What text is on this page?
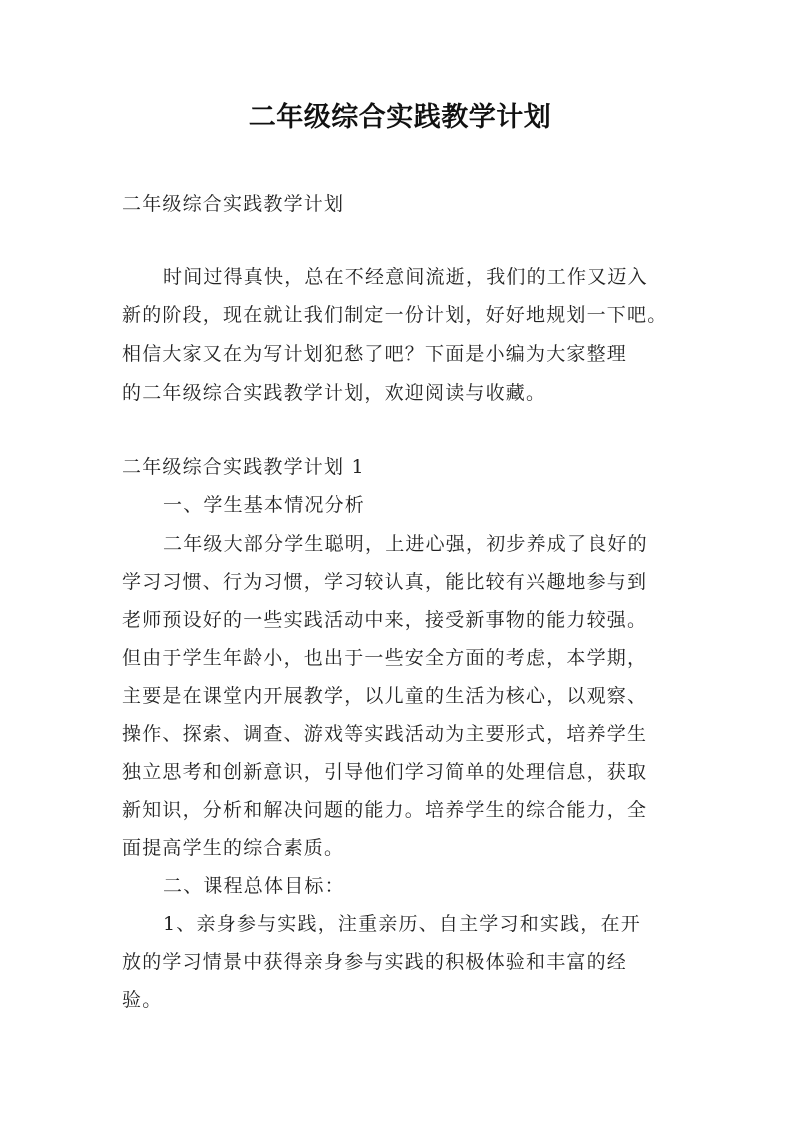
二年级综合实践教学计划
二年级综合实践教学计划
时间过得真快，总在不经意间流逝，我们的工作又迈入
新的阶段，现在就让我们制定一份计划，好好地规划一下吧。
相信大家又在为写计划犯愁了吧？下面是小编为大家整理
的二年级综合实践教学计划，欢迎阅读与收藏。
二年级综合实践教学计划 1
一、学生基本情况分析
二年级大部分学生聪明，上进心强，初步养成了良好的
学习习惯、行为习惯，学习较认真，能比较有兴趣地参与到
老师预设好的一些实践活动中来，接受新事物的能力较强。
但由于学生年龄小，也出于一些安全方面的考虑，本学期，
主要是在课堂内开展教学，以儿童的生活为核心，以观察、
操作、探索、调查、游戏等实践活动为主要形式，培养学生
独立思考和创新意识，引导他们学习简单的处理信息，获取
新知识，分析和解决问题的能力。培养学生的综合能力，全
面提高学生的综合素质。
二、课程总体目标：
1、亲身参与实践，注重亲历、自主学习和实践，在开
放的学习情景中获得亲身参与实践的积极体验和丰富的经
验。
